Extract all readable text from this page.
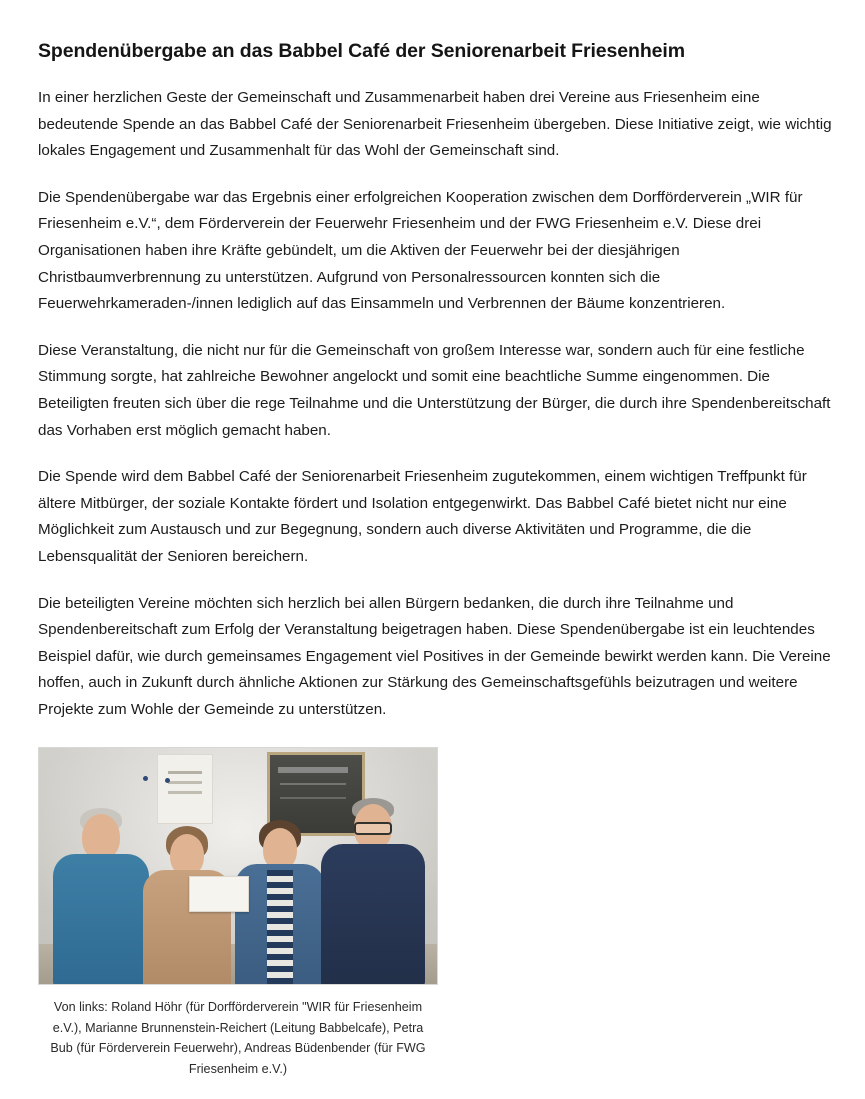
Spendenübergabe an das Babbel Café der Seniorenarbeit Friesenheim

In einer herzlichen Geste der Gemeinschaft und Zusammenarbeit haben drei Vereine aus Friesenheim eine bedeutende Spende an das Babbel Café der Seniorenarbeit Friesenheim übergeben. Diese Initiative zeigt, wie wichtig lokales Engagement und Zusammenhalt für das Wohl der Gemeinschaft sind.

Die Spendenübergabe war das Ergebnis einer erfolgreichen Kooperation zwischen dem Dorfförderverein „WIR für Friesenheim e.V.“, dem Förderverein der Feuerwehr Friesenheim und der FWG Friesenheim e.V. Diese drei Organisationen haben ihre Kräfte gebündelt, um die Aktiven der Feuerwehr bei der diesjährigen Christbaumverbrennung zu unterstützen. Aufgrund von Personalressourcen konnten sich die Feuerwehrkameraden-/innen lediglich auf das Einsammeln und Verbrennen der Bäume konzentrieren.

Diese Veranstaltung, die nicht nur für die Gemeinschaft von großem Interesse war, sondern auch für eine festliche Stimmung sorgte, hat zahlreiche Bewohner angelockt und somit eine beachtliche Summe eingenommen. Die Beteiligten freuten sich über die rege Teilnahme und die Unterstützung der Bürger, die durch ihre Spendenbereitschaft das Vorhaben erst möglich gemacht haben.

Die Spende wird dem Babbel Café der Seniorenarbeit Friesenheim zugutekommen, einem wichtigen Treffpunkt für ältere Mitbürger, der soziale Kontakte fördert und Isolation entgegenwirkt. Das Babbel Café bietet nicht nur eine Möglichkeit zum Austausch und zur Begegnung, sondern auch diverse Aktivitäten und Programme, die die Lebensqualität der Senioren bereichern.

Die beteiligten Vereine möchten sich herzlich bei allen Bürgern bedanken, die durch ihre Teilnahme und Spendenbereitschaft zum Erfolg der Veranstaltung beigetragen haben. Diese Spendenübergabe ist ein leuchtendes Beispiel dafür, wie durch gemeinsames Engagement viel Positives in der Gemeinde bewirkt werden kann. Die Vereine hoffen, auch in Zukunft durch ähnliche Aktionen zur Stärkung des Gemeinschaftsgefühls beizutragen und weitere Projekte zum Wohle der Gemeinde zu unterstützen.

Von links: Roland Höhr (für Dorfförderverein "WIR für Friesenheim e.V.), Marianne Brunnenstein-Reichert (Leitung Babbelcafe), Petra Bub (für Förderverein Feuerwehr), Andreas Büdenbender (für FWG Friesenheim e.V.)
